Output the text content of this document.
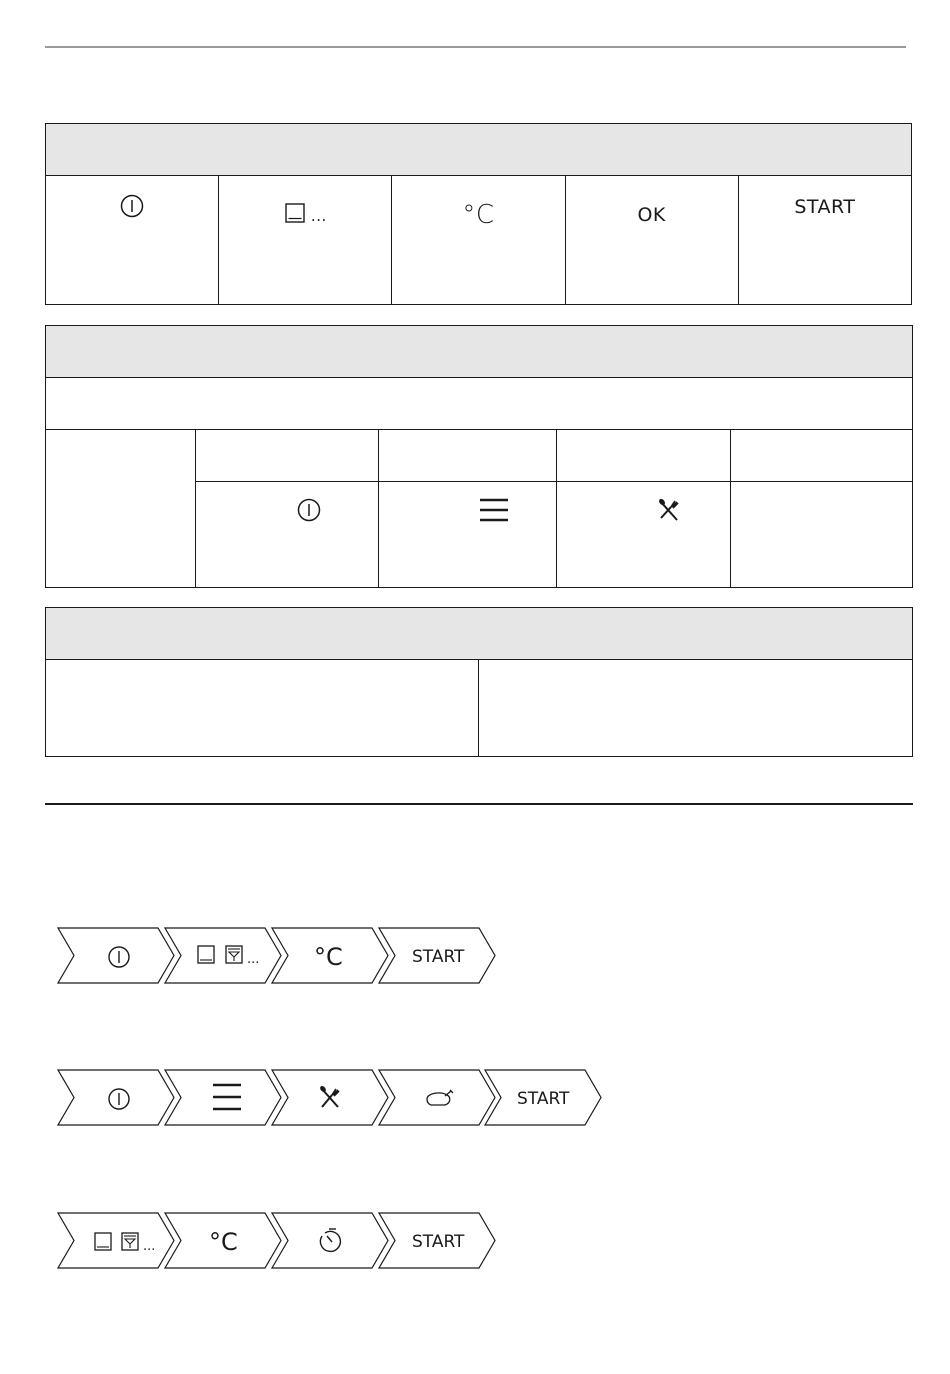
...	°C	OK	START

... °C	START
START
... °C	START
